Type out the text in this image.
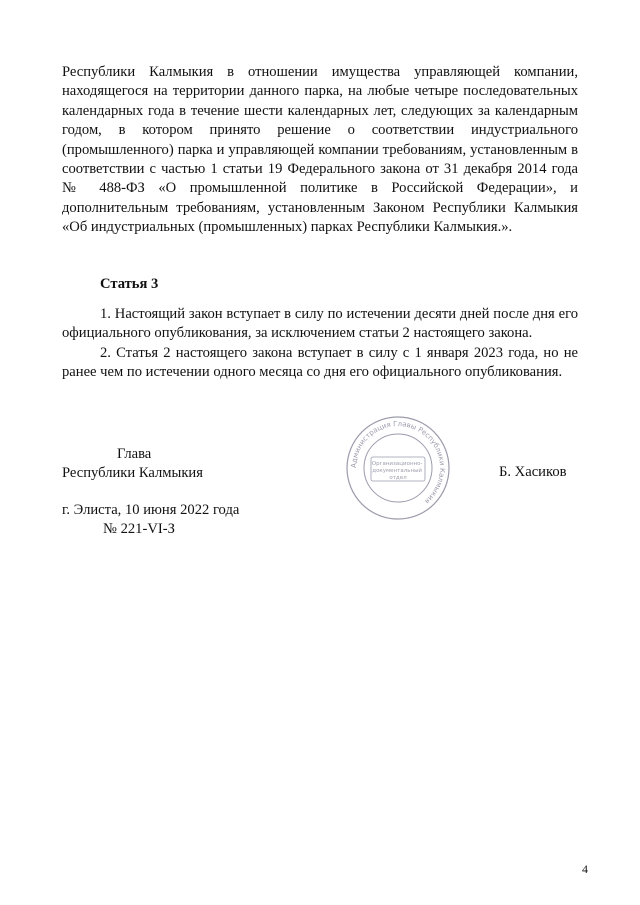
Республики Калмыкия в отношении имущества управляющей компании, находящегося на территории данного парка, на любые четыре последовательных календарных года в течение шести календарных лет, следующих за календарным годом, в котором принято решение о соответствии индустриального (промышленного) парка и управляющей компании требованиям, установленным в соответствии с частью 1 статьи 19 Федерального закона от 31 декабря 2014 года № 488-ФЗ «О промышленной политике в Российской Федерации», и дополнительным требованиям, установленным Законом Республики Калмыкия «Об индустриальных (промышленных) парках Республики Калмыкия.».

Статья 3

1. Настоящий закон вступает в силу по истечении десяти дней после дня его официального опубликования, за исключением статьи 2 настоящего закона.

2. Статья 2 настоящего закона вступает в силу с 1 января 2023 года, но не ранее чем по истечении одного месяца со дня его официального опубликования.

Глава
Республики Калмыкия	Б. Хасиков
г. Элиста, 10 июня 2022 года
№ 221-VI-З
Администрация Главы Республики Калмыкия
Организационно- документальный отдел
4
